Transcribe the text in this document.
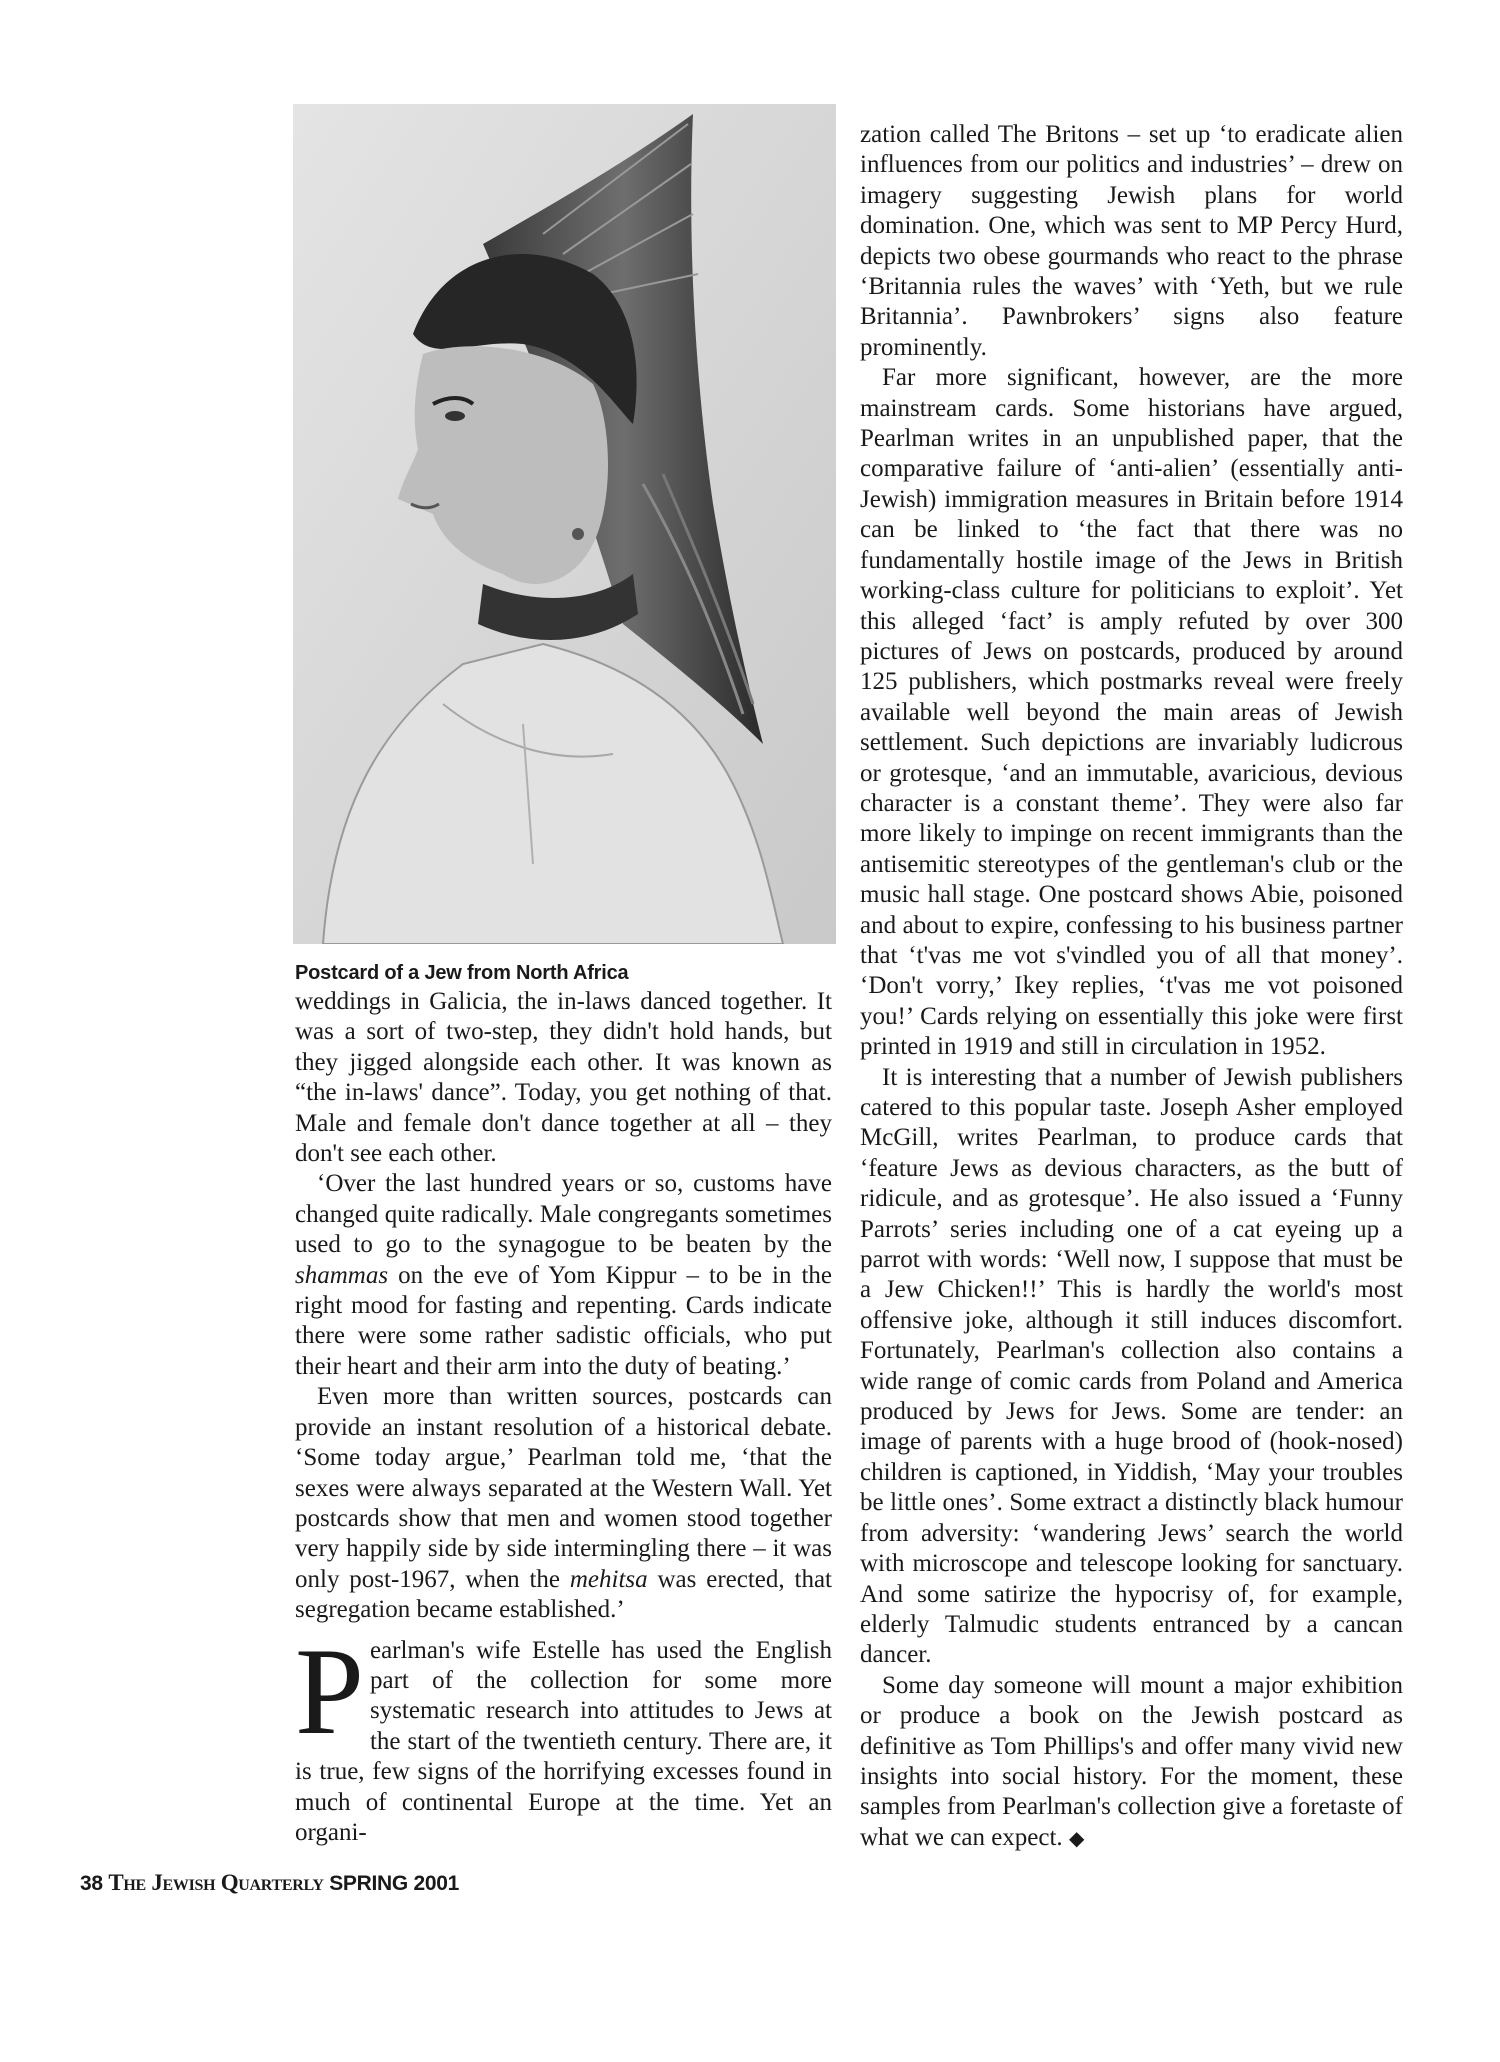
Postcard of a Jew from North Africa

weddings in Galicia, the in-laws danced together. It was a sort of two-step, they didn't hold hands, but they jigged alongside each other. It was known as “the in-laws' dance”. Today, you get nothing of that. Male and female don't dance together at all – they don't see each other.

‘Over the last hundred years or so, customs have changed quite radically. Male congregants sometimes used to go to the synagogue to be beaten by the shammas on the eve of Yom Kippur – to be in the right mood for fasting and repenting. Cards indicate there were some rather sadistic officials, who put their heart and their arm into the duty of beating.’

Even more than written sources, postcards can provide an instant resolution of a historical debate. ‘Some today argue,’ Pearlman told me, ‘that the sexes were always separated at the Western Wall. Yet postcards show that men and women stood together very happily side by side intermingling there – it was only post-1967, when the mehitsa was erected, that segregation became established.’

Pearlman's wife Estelle has used the English part of the collection for some more systematic research into attitudes to Jews at the start of the twentieth century. There are, it is true, few signs of the horrifying excesses found in much of continental Europe at the time. Yet an organi-

zation called The Britons – set up ‘to eradicate alien influences from our politics and industries’ – drew on imagery suggesting Jewish plans for world domination. One, which was sent to MP Percy Hurd, depicts two obese gourmands who react to the phrase ‘Britannia rules the waves’ with ‘Yeth, but we rule Britannia’. Pawnbrokers’ signs also feature prominently.

Far more significant, however, are the more mainstream cards. Some historians have argued, Pearlman writes in an unpublished paper, that the comparative failure of ‘anti-alien’ (essentially anti-Jewish) immigration measures in Britain before 1914 can be linked to ‘the fact that there was no fundamentally hostile image of the Jews in British working-class culture for politicians to exploit’. Yet this alleged ‘fact’ is amply refuted by over 300 pictures of Jews on postcards, produced by around 125 publishers, which postmarks reveal were freely available well beyond the main areas of Jewish settlement. Such depictions are invariably ludicrous or grotesque, ‘and an immutable, avaricious, devious character is a constant theme’. They were also far more likely to impinge on recent immigrants than the antisemitic stereotypes of the gentleman's club or the music hall stage. One postcard shows Abie, poisoned and about to expire, confessing to his business partner that ‘t'vas me vot s'vindled you of all that money’. ‘Don't vorry,’ Ikey replies, ‘t'vas me vot poisoned you!’ Cards relying on essentially this joke were first printed in 1919 and still in circulation in 1952.

It is interesting that a number of Jewish publishers catered to this popular taste. Joseph Asher employed McGill, writes Pearlman, to produce cards that ‘feature Jews as devious characters, as the butt of ridicule, and as grotesque’. He also issued a ‘Funny Parrots’ series including one of a cat eyeing up a parrot with words: ‘Well now, I suppose that must be a Jew Chicken!!’ This is hardly the world's most offensive joke, although it still induces discomfort. Fortunately, Pearlman's collection also contains a wide range of comic cards from Poland and America produced by Jews for Jews. Some are tender: an image of parents with a huge brood of (hook-nosed) children is captioned, in Yiddish, ‘May your troubles be little ones’. Some extract a distinctly black humour from adversity: ‘wandering Jews’ search the world with microscope and telescope looking for sanctuary. And some satirize the hypocrisy of, for example, elderly Talmudic students entranced by a cancan dancer.

Some day someone will mount a major exhibition or produce a book on the Jewish postcard as definitive as Tom Phillips's and offer many vivid new insights into social history. For the moment, these samples from Pearlman's collection give a foretaste of what we can expect. ◆

38 The Jewish Quarterly SPRING 2001
